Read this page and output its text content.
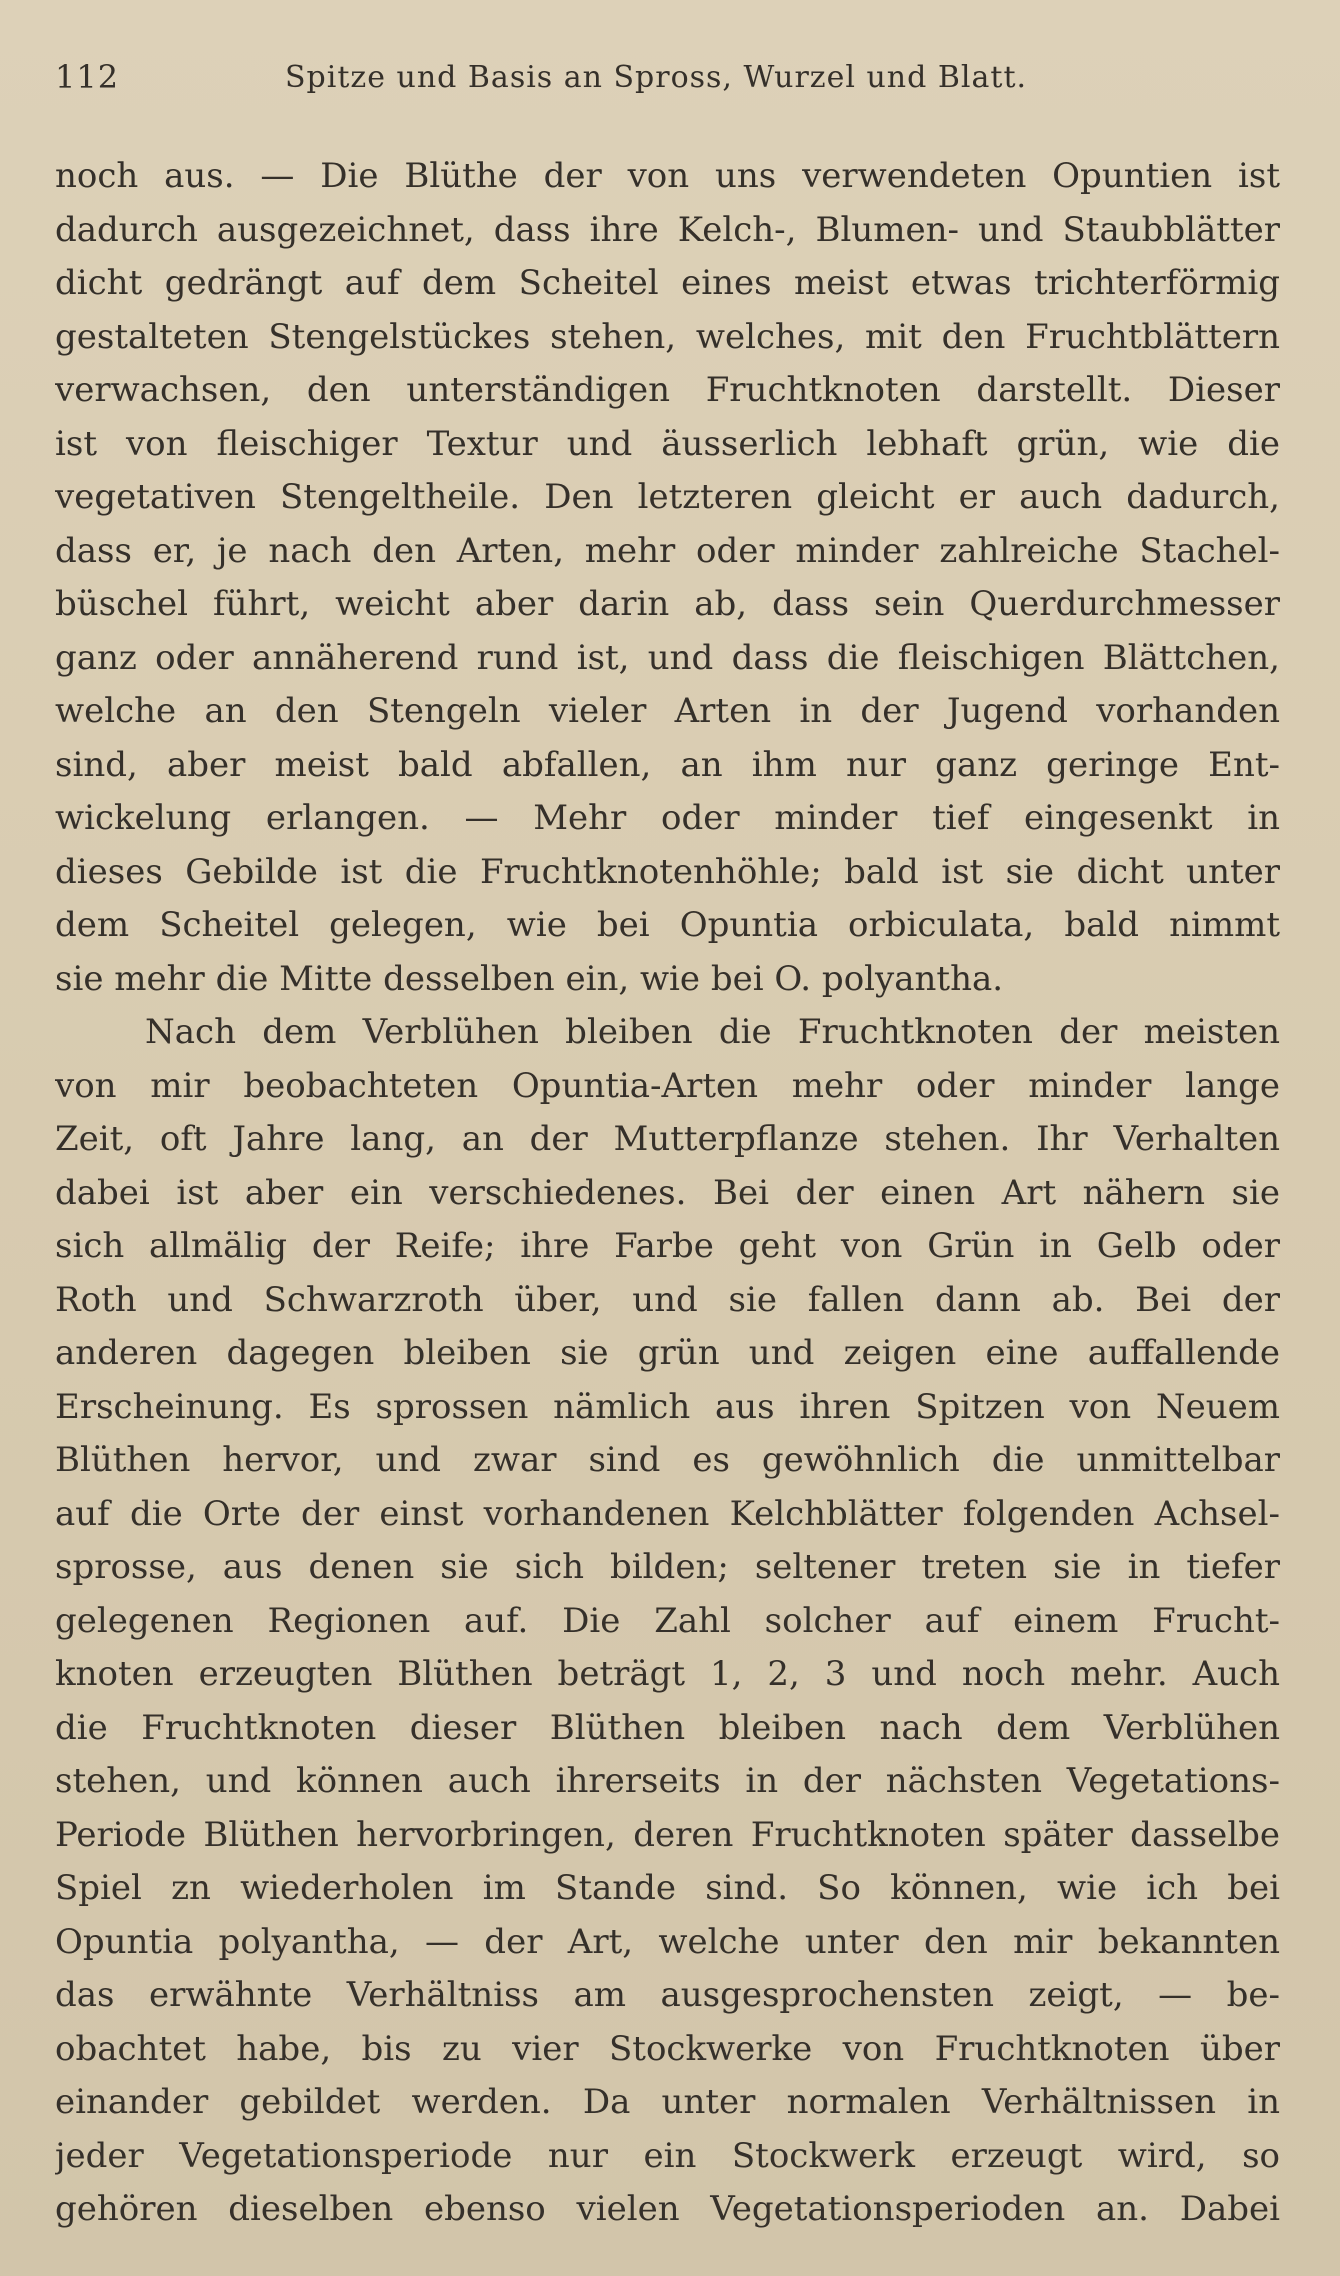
112	Spitze und Basis an Spross, Wurzel und Blatt.
noch aus. — Die Blüthe der von uns verwendeten Opuntien ist
dadurch ausgezeichnet, dass ihre Kelch-, Blumen- und Staubblätter
dicht gedrängt auf dem Scheitel eines meist etwas trichterförmig
gestalteten Stengelstückes stehen, welches, mit den Fruchtblättern
verwachsen, den unterständigen Fruchtknoten darstellt. Dieser
ist von fleischiger Textur und äusserlich lebhaft grün, wie die
vegetativen Stengeltheile. Den letzteren gleicht er auch dadurch,
dass er, je nach den Arten, mehr oder minder zahlreiche Stachel-
büschel führt, weicht aber darin ab, dass sein Querdurchmesser
ganz oder annäherend rund ist, und dass die fleischigen Blättchen,
welche an den Stengeln vieler Arten in der Jugend vorhanden
sind, aber meist bald abfallen, an ihm nur ganz geringe Ent-
wickelung erlangen. — Mehr oder minder tief eingesenkt in
dieses Gebilde ist die Fruchtknotenhöhle; bald ist sie dicht unter
dem Scheitel gelegen, wie bei Opuntia orbiculata, bald nimmt
sie mehr die Mitte desselben ein, wie bei O. polyantha.
Nach dem Verblühen bleiben die Fruchtknoten der meisten
von mir beobachteten Opuntia-Arten mehr oder minder lange
Zeit, oft Jahre lang, an der Mutterpflanze stehen. Ihr Verhalten
dabei ist aber ein verschiedenes. Bei der einen Art nähern sie
sich allmälig der Reife; ihre Farbe geht von Grün in Gelb oder
Roth und Schwarzroth über, und sie fallen dann ab. Bei der
anderen dagegen bleiben sie grün und zeigen eine auffallende
Erscheinung. Es sprossen nämlich aus ihren Spitzen von Neuem
Blüthen hervor, und zwar sind es gewöhnlich die unmittelbar
auf die Orte der einst vorhandenen Kelchblätter folgenden Achsel-
sprosse, aus denen sie sich bilden; seltener treten sie in tiefer
gelegenen Regionen auf. Die Zahl solcher auf einem Frucht-
knoten erzeugten Blüthen beträgt 1, 2, 3 und noch mehr. Auch
die Fruchtknoten dieser Blüthen bleiben nach dem Verblühen
stehen, und können auch ihrerseits in der nächsten Vegetations-
Periode Blüthen hervorbringen, deren Fruchtknoten später dasselbe
Spiel zn wiederholen im Stande sind. So können, wie ich bei
Opuntia polyantha, — der Art, welche unter den mir bekannten
das erwähnte Verhältniss am ausgesprochensten zeigt, — be-
obachtet habe, bis zu vier Stockwerke von Fruchtknoten über
einander gebildet werden. Da unter normalen Verhältnissen in
jeder Vegetationsperiode nur ein Stockwerk erzeugt wird, so
gehören dieselben ebenso vielen Vegetationsperioden an. Dabei
